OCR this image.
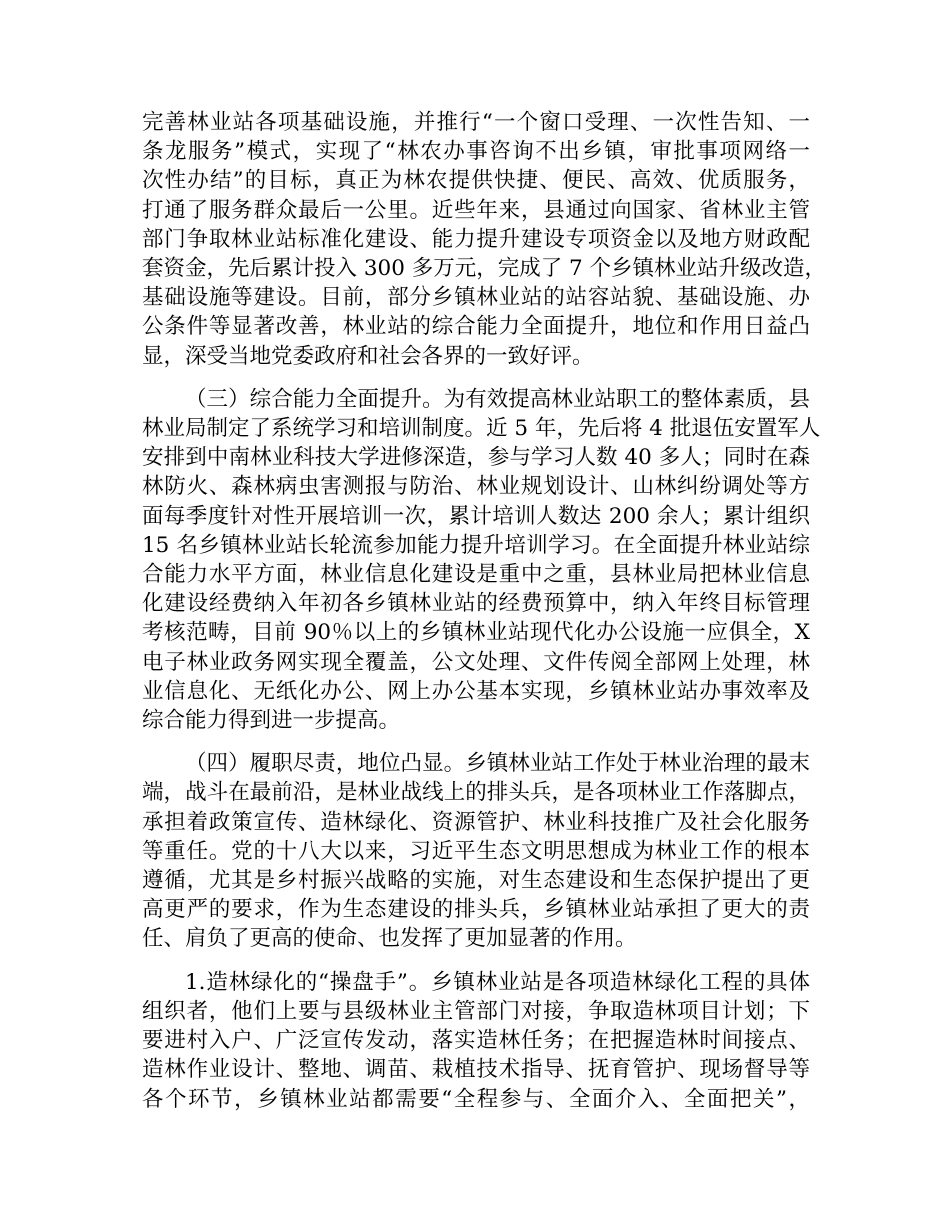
完善林业站各项基础设施，并推行“一个窗口受理、一次性告知、一
条龙服务”模式，实现了“林农办事咨询不出乡镇，审批事项网络一
次性办结”的目标，真正为林农提供快捷、便民、高效、优质服务，
打通了服务群众最后一公里。近些年来，县通过向国家、省林业主管
部门争取林业站标准化建设、能力提升建设专项资金以及地方财政配
套资金，先后累计投入 300 多万元，完成了 7 个乡镇林业站升级改造，
基础设施等建设。目前，部分乡镇林业站的站容站貌、基础设施、办
公条件等显著改善，林业站的综合能力全面提升，地位和作用日益凸
显，深受当地党委政府和社会各界的一致好评。
（三）综合能力全面提升。为有效提高林业站职工的整体素质，县
林业局制定了系统学习和培训制度。近 5 年，先后将 4 批退伍安置军人
安排到中南林业科技大学进修深造，参与学习人数 40 多人；同时在森
林防火、森林病虫害测报与防治、林业规划设计、山林纠纷调处等方
面每季度针对性开展培训一次，累计培训人数达 200 余人；累计组织
15 名乡镇林业站长轮流参加能力提升培训学习。在全面提升林业站综
合能力水平方面，林业信息化建设是重中之重，县林业局把林业信息
化建设经费纳入年初各乡镇林业站的经费预算中，纳入年终目标管理
考核范畴，目前 90％以上的乡镇林业站现代化办公设施一应俱全，X
电子林业政务网实现全覆盖，公文处理、文件传阅全部网上处理，林
业信息化、无纸化办公、网上办公基本实现，乡镇林业站办事效率及
综合能力得到进一步提高。
（四）履职尽责，地位凸显。乡镇林业站工作处于林业治理的最末
端，战斗在最前沿，是林业战线上的排头兵，是各项林业工作落脚点，
承担着政策宣传、造林绿化、资源管护、林业科技推广及社会化服务
等重任。党的十八大以来，习近平生态文明思想成为林业工作的根本
遵循，尤其是乡村振兴战略的实施，对生态建设和生态保护提出了更
高更严的要求，作为生态建设的排头兵，乡镇林业站承担了更大的责
任、肩负了更高的使命、也发挥了更加显著的作用。
1.造林绿化的“操盘手”。乡镇林业站是各项造林绿化工程的具体
组织者，他们上要与县级林业主管部门对接，争取造林项目计划；下
要进村入户、广泛宣传发动，落实造林任务；在把握造林时间接点、
造林作业设计、整地、调苗、栽植技术指导、抚育管护、现场督导等
各个环节，乡镇林业站都需要“全程参与、全面介入、全面把关”，
